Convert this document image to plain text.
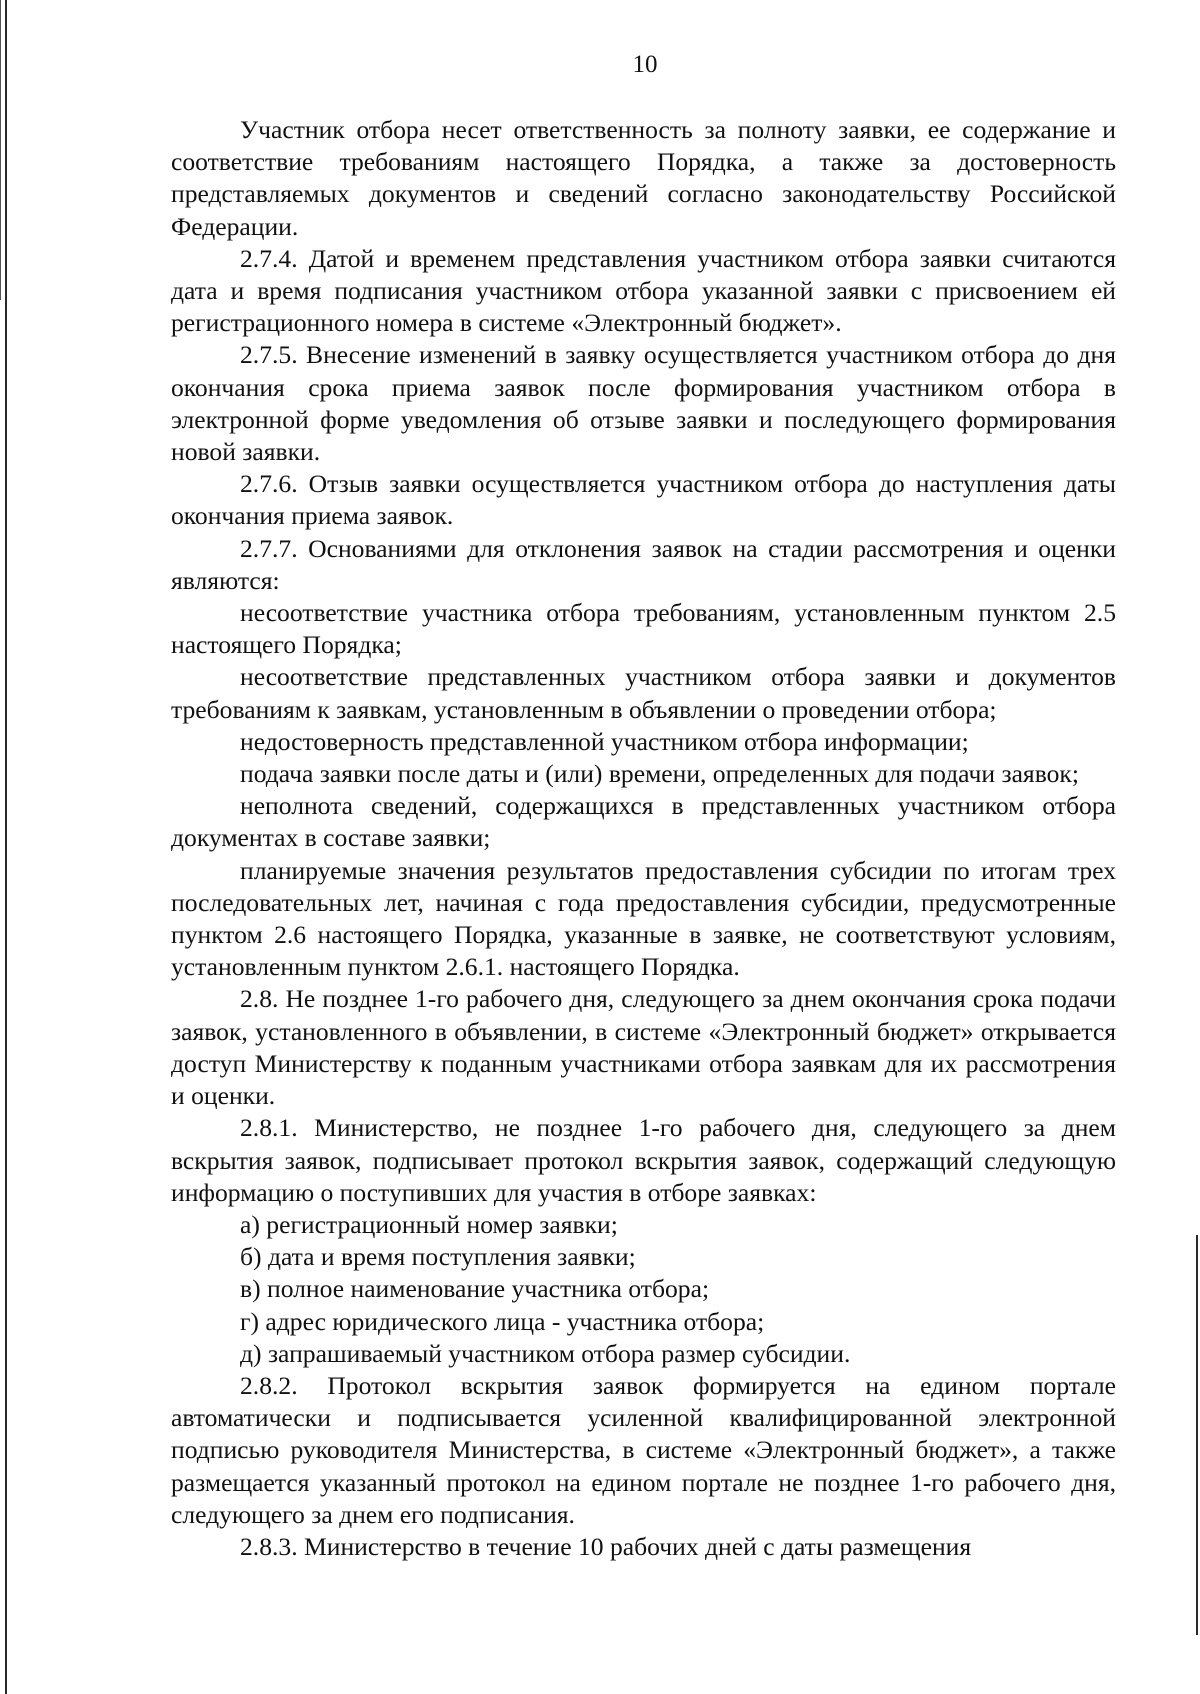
10

Участник отбора несет ответственность за полноту заявки, ее содержание и соответствие требованиям настоящего Порядка, а также за достоверность представляемых документов и сведений согласно законодательству Российской Федерации.

2.7.4. Датой и временем представления участником отбора заявки считаются дата и время подписания участником отбора указанной заявки с присвоением ей регистрационного номера в системе «Электронный бюджет».

2.7.5. Внесение изменений в заявку осуществляется участником отбора до дня окончания срока приема заявок после формирования участником отбора в электронной форме уведомления об отзыве заявки и последующего формирования новой заявки.

2.7.6. Отзыв заявки осуществляется участником отбора до наступления даты окончания приема заявок.

2.7.7. Основаниями для отклонения заявок на стадии рассмотрения и оценки являются:

несоответствие участника отбора требованиям, установленным пунктом 2.5 настоящего Порядка;

несоответствие представленных участником отбора заявки и документов требованиям к заявкам, установленным в объявлении о проведении отбора;

недостоверность представленной участником отбора информации;

подача заявки после даты и (или) времени, определенных для подачи заявок;

неполнота сведений, содержащихся в представленных участником отбора документах в составе заявки;

планируемые значения результатов предоставления субсидии по итогам трех последовательных лет, начиная с года предоставления субсидии, предусмотренные пунктом 2.6 настоящего Порядка, указанные в заявке, не соответствуют условиям, установленным пунктом 2.6.1. настоящего Порядка.

2.8. Не позднее 1-го рабочего дня, следующего за днем окончания срока подачи заявок, установленного в объявлении, в системе «Электронный бюджет» открывается доступ Министерству к поданным участниками отбора заявкам для их рассмотрения и оценки.

2.8.1. Министерство, не позднее 1-го рабочего дня, следующего за днем вскрытия заявок, подписывает протокол вскрытия заявок, содержащий следующую информацию о поступивших для участия в отборе заявках:

а) регистрационный номер заявки;

б) дата и время поступления заявки;

в) полное наименование участника отбора;

г) адрес юридического лица - участника отбора;

д) запрашиваемый участником отбора размер субсидии.

2.8.2. Протокол вскрытия заявок формируется на едином портале автоматически и подписывается усиленной квалифицированной электронной подписью руководителя Министерства, в системе «Электронный бюджет», а также размещается указанный протокол на едином портале не позднее 1-го рабочего дня, следующего за днем его подписания.

2.8.3. Министерство в течение 10 рабочих дней с даты размещения
